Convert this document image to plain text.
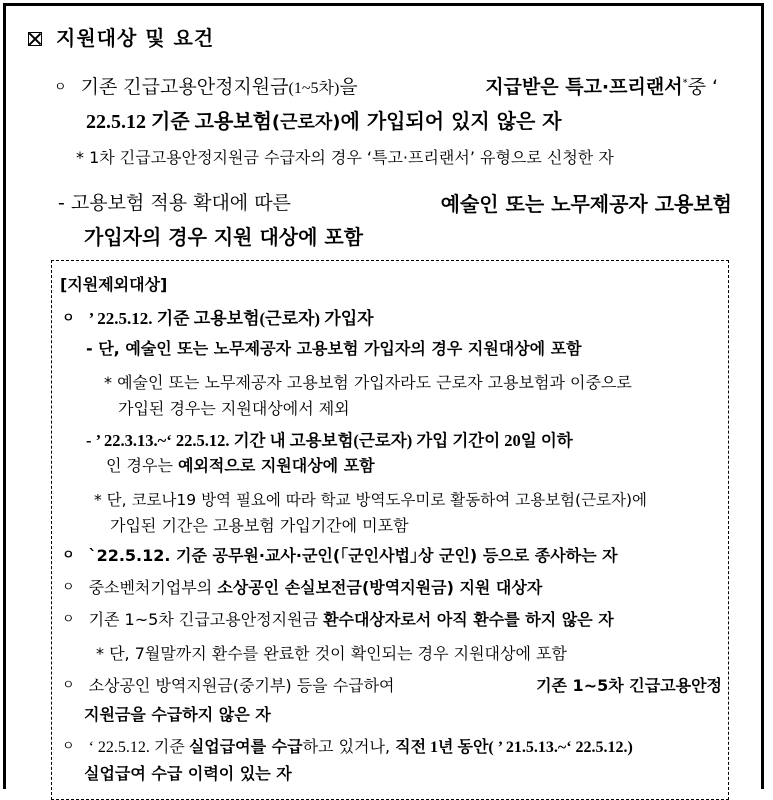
지원대상 및 요건
ㅇ 기존 긴급고용안정지원금(1~5차)을	지급받은 특고·프리랜서*중 ‘
22.5.12 기준 고용보험(근로자)에 가입되어 있지 않은 자
* 1차 긴급고용안정지원금 수급자의 경우 ‘특고·프리랜서’ 유형으로 신청한 자
- 고용보험 적용 확대에 따른	예술인 또는 노무제공자 고용보험
가입자의 경우 지원 대상에 포함
[지원제외대상]
ㅇ ’ 22.5.12. 기준 고용보험(근로자) 가입자
- 단, 예술인 또는 노무제공자 고용보험 가입자의 경우 지원대상에 포함
* 예술인 또는 노무제공자 고용보험 가입자라도 근로자 고용보험과 이중으로
가입된 경우는 지원대상에서 제외
- ’ 22.3.13.~‘ 22.5.12. 기간 내 고용보험(근로자) 가입 기간이 20일 이하
인 경우는 예외적으로 지원대상에 포함
* 단, 코로나19 방역 필요에 따라 학교 방역도우미로 활동하여 고용보험(근로자)에
가입된 기간은 고용보험 가입기간에 미포함
ㅇ `22.5.12. 기준 공무원·교사·군인(｢군인사법｣상 군인) 등으로 종사하는 자
ㅇ 중소벤처기업부의 소상공인 손실보전금(방역지원금) 지원 대상자
ㅇ 기존 1~5차 긴급고용안정지원금 환수대상자로서 아직 환수를 하지 않은 자
* 단, 7월말까지 환수를 완료한 것이 확인되는 경우 지원대상에 포함
ㅇ 소상공인 방역지원금(중기부) 등을 수급하여	기존 1~5차 긴급고용안정
지원금을 수급하지 않은 자
ㅇ ‘ 22.5.12. 기준 실업급여를 수급하고 있거나, 직전 1년 동안( ’ 21.5.13.~‘ 22.5.12.)
실업급여 수급 이력이 있는 자
